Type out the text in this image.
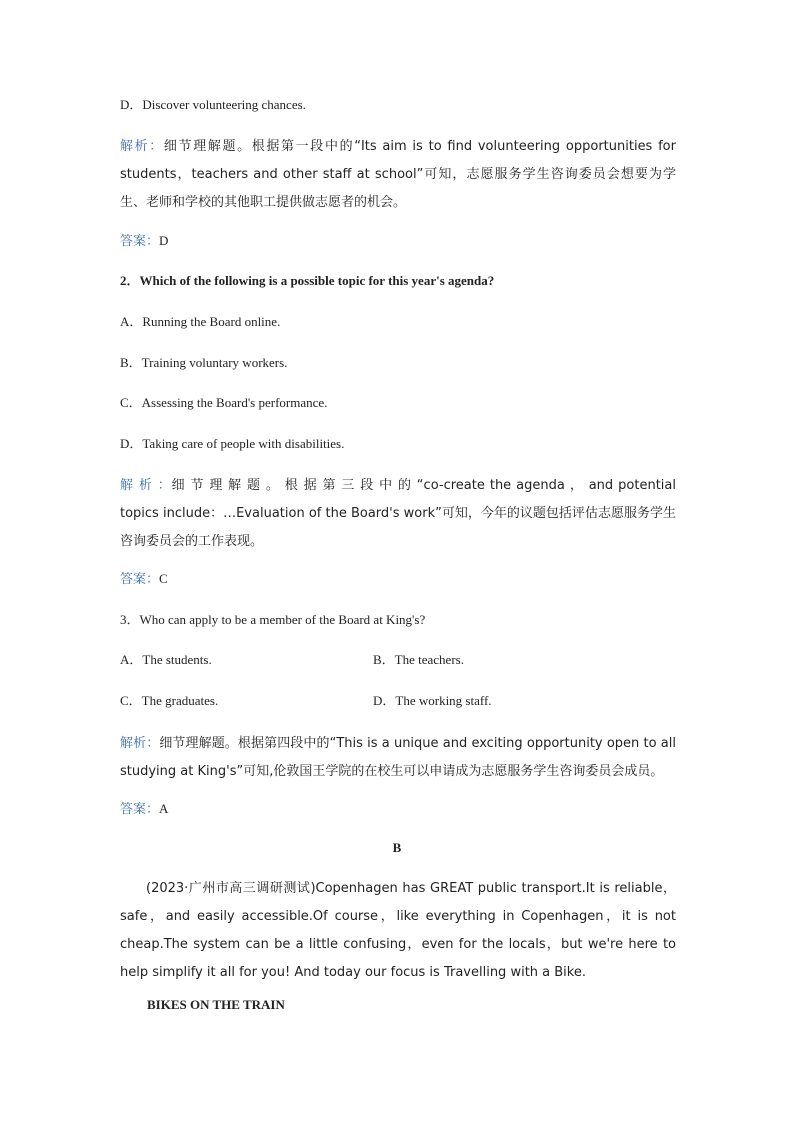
D．Discover volunteering chances.
解析：细节理解题。根据第一段中的“Its aim is to find volunteering opportunities for students，teachers and other staff at school”可知，志愿服务学生咨询委员会想要为学生、老师和学校的其他职工提供做志愿者的机会。
答案：D
2．Which of the following is a possible topic for this year's agenda?
A．Running the Board online.
B．Training voluntary workers.
C．Assessing the Board's performance.
D．Taking care of people with disabilities.
解 析 ：细 节 理 解 题 。 根 据 第 三 段 中 的 “co-create the agenda ， and potential topics include：…Evaluation of the Board's work”可知，今年的议题包括评估志愿服务学生咨询委员会的工作表现。
答案：C
3．Who can apply to be a member of the Board at King's?
A．The students.	B．The teachers.
C．The graduates.	D．The working staff.
解析：细节理解题。根据第四段中的“This is a unique and exciting opportunity open to all studying at King's”可知,伦敦国王学院的在校生可以申请成为志愿服务学生咨询委员会成员。
答案：A
B
(2023·广州市高三调研测试)Copenhagen has GREAT public transport.It is reliable，safe，and easily accessible.Of course，like everything in Copenhagen，it is not cheap.The system can be a little confusing，even for the locals，but we're here to help simplify it all for you! And today our focus is Travelling with a Bike.
BIKES ON THE TRAIN
